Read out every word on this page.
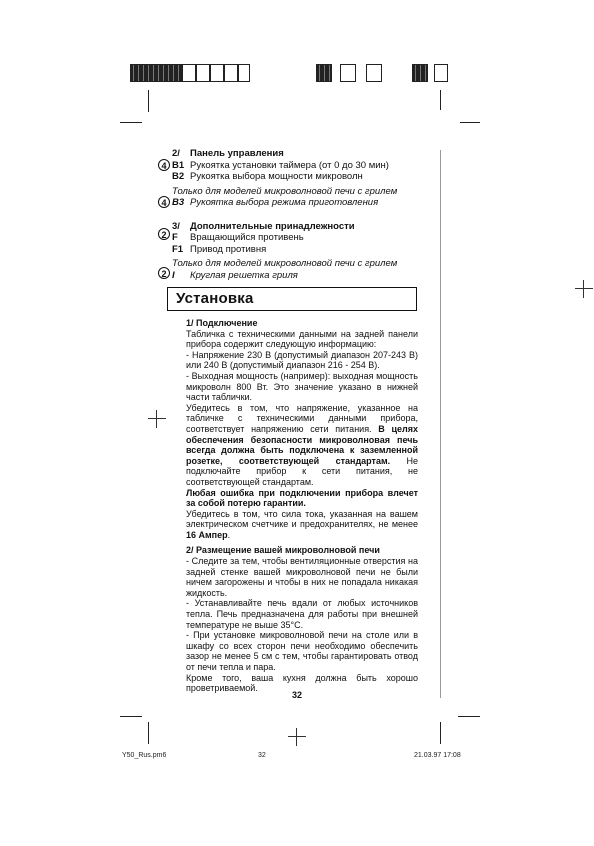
2/	Панель управления
4 B1 Рукоятка установки таймера (от 0 до 30 мин)
B2 Рукоятка выбора мощности микроволн
Только для моделей микроволновой печи с грилем
4 B3 Рукоятка выбора режима приготовления
3/	Дополнительные принадлежности
2 F	Вращающийся противень
F1 Привод противня
Только для моделей микроволновой печи с грилем
2 I	Круглая решетка гриля
Установка

1/ Подключение

Табличка с техническими данными на задней панели прибора содержит следующую информацию:

- Напряжение 230 В (допустимый диапазон 207-243 В) или 240 В (допустимый диапазон 216 - 254 В).

- Выходная мощность (например): выходная мощность микроволн 800 Вт. Это значение указано в нижней части таблички.

Убедитесь в том, что напряжение, указанное на табличке с техническими данными прибора, соответствует напряжению сети питания. В целях обеспечения безопасности микроволновая печь всегда должна быть подключена к заземленной розетке, соответствующей стандартам. Не подключайте прибор к сети питания, не соответствующей стандартам.

Любая ошибка при подключении прибора влечет за собой потерю гарантии.

Убедитесь в том, что сила тока, указанная на вашем электрическом счетчике и предохранителях, не менее 16 Ампер.

2/ Размещение вашей микроволновой печи

- Следите за тем, чтобы вентиляционные отверстия на задней стенке вашей микроволновой печи не были ничем загорожены и чтобы в них не попадала никакая жидкость.

- Устанавливайте печь вдали от любых источников тепла. Печь предназначена для работы при внешней температуре не выше 35°С.

- При установке микроволновой печи на столе или в шкафу со всех сторон печи необходимо обеспечить зазор не менее 5 см с тем, чтобы гарантировать отвод от печи тепла и пара.

Кроме того, ваша кухня должна быть хорошо проветриваемой.

32
Y50_Rus.pm6	32	21.03.97 17:08
